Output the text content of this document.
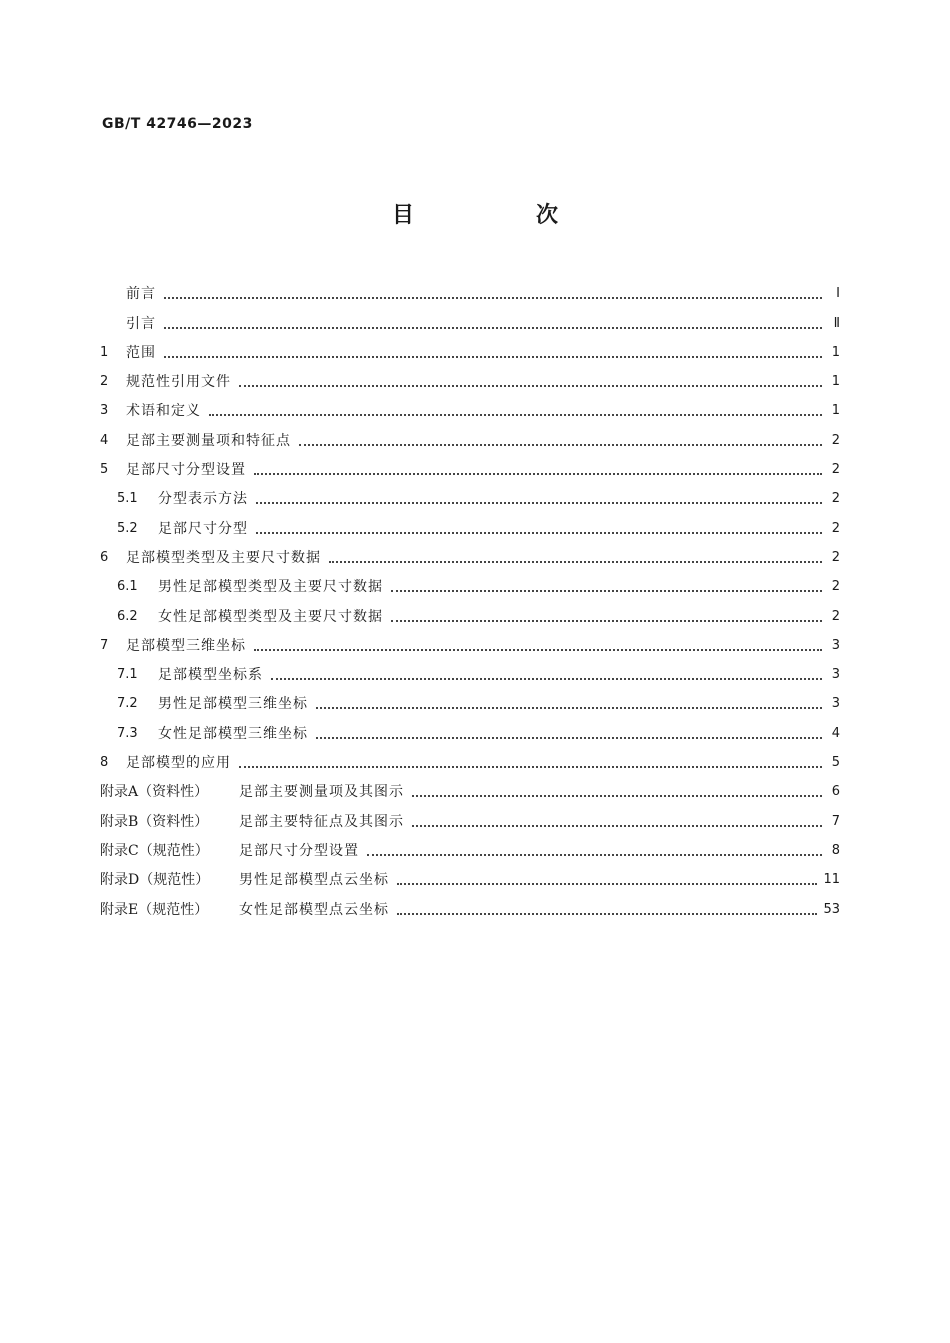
GB/T 42746—2023
目　次
前言	Ⅰ
引言	Ⅱ
1	范围	1
2	规范性引用文件	1
3	术语和定义	1
4	足部主要测量项和特征点	2
5	足部尺寸分型设置	2
5.1	分型表示方法	2
5.2	足部尺寸分型	2
6	足部模型类型及主要尺寸数据	2
6.1	男性足部模型类型及主要尺寸数据	2
6.2	女性足部模型类型及主要尺寸数据	2
7	足部模型三维坐标	3
7.1	足部模型坐标系	3
7.2	男性足部模型三维坐标	3
7.3	女性足部模型三维坐标	4
8	足部模型的应用	5
附录A（资料性）	足部主要测量项及其图示	6
附录B（资料性）	足部主要特征点及其图示	7
附录C（规范性）	足部尺寸分型设置	8
附录D（规范性）	男性足部模型点云坐标	11
附录E（规范性）	女性足部模型点云坐标	53
